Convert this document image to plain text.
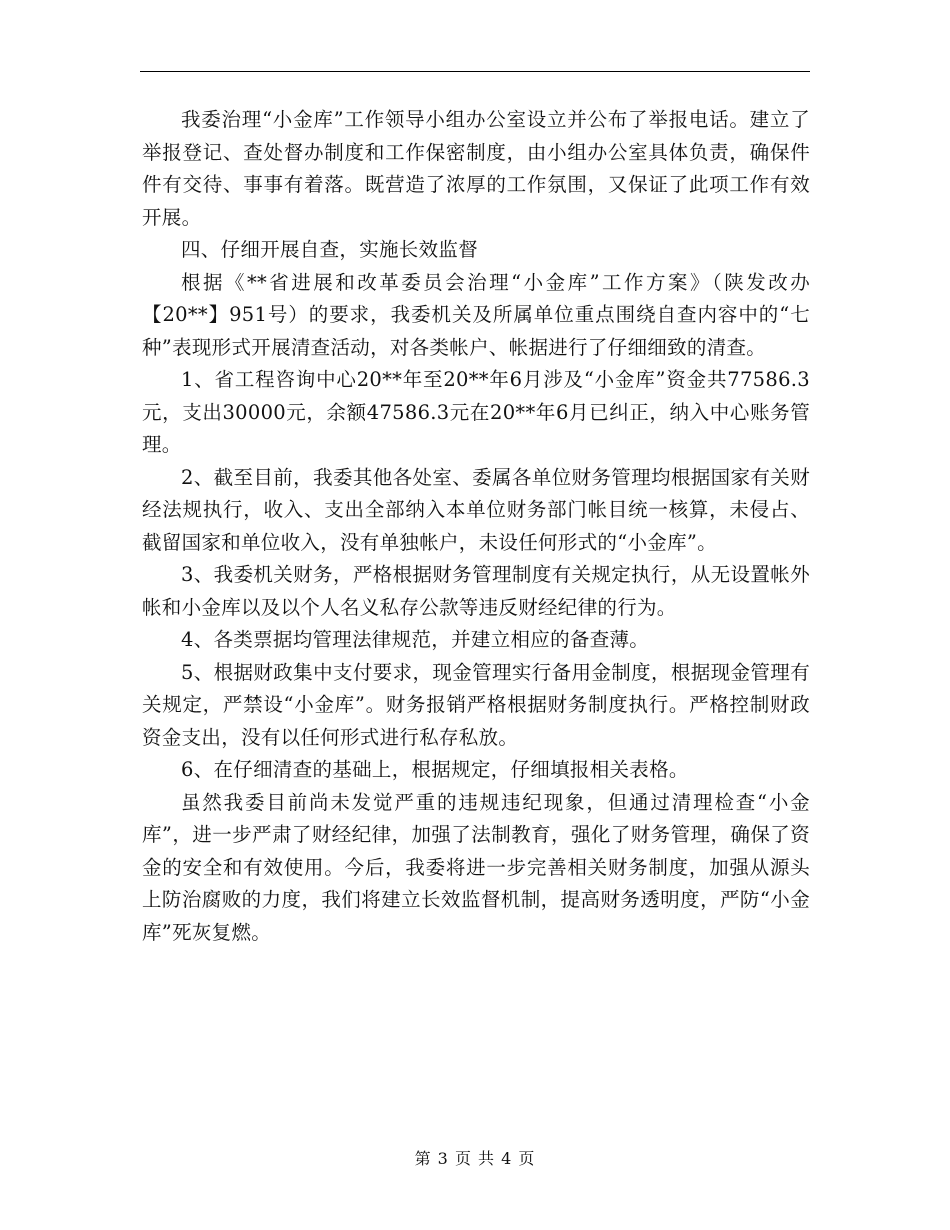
我委治理“小金库”工作领导小组办公室设立并公布了举报电话。建立了举报登记、查处督办制度和工作保密制度，由小组办公室具体负责，确保件件有交待、事事有着落。既营造了浓厚的工作氛围，又保证了此项工作有效开展。

四、仔细开展自查，实施长效监督

根据《**省进展和改革委员会治理“小金库”工作方案》（陕发改办【20**】951号）的要求，我委机关及所属单位重点围绕自查内容中的“七种”表现形式开展清查活动，对各类帐户、帐据进行了仔细细致的清查。

1、省工程咨询中心20**年至20**年6月涉及“小金库”资金共77586.3元，支出30000元，余额47586.3元在20**年6月已纠正，纳入中心账务管理。

2、截至目前，我委其他各处室、委属各单位财务管理均根据国家有关财经法规执行，收入、支出全部纳入本单位财务部门帐目统一核算，未侵占、截留国家和单位收入，没有单独帐户，未设任何形式的“小金库”。

3、我委机关财务，严格根据财务管理制度有关规定执行，从无设置帐外帐和小金库以及以个人名义私存公款等违反财经纪律的行为。

4、各类票据均管理法律规范，并建立相应的备查薄。

5、根据财政集中支付要求，现金管理实行备用金制度，根据现金管理有关规定，严禁设“小金库”。财务报销严格根据财务制度执行。严格控制财政资金支出，没有以任何形式进行私存私放。

6、在仔细清查的基础上，根据规定，仔细填报相关表格。

虽然我委目前尚未发觉严重的违规违纪现象，但通过清理检查“小金库”，进一步严肃了财经纪律，加强了法制教育，强化了财务管理，确保了资金的安全和有效使用。今后，我委将进一步完善相关财务制度，加强从源头上防治腐败的力度，我们将建立长效监督机制，提高财务透明度，严防“小金库”死灰复燃。

第 3 页 共 4 页
